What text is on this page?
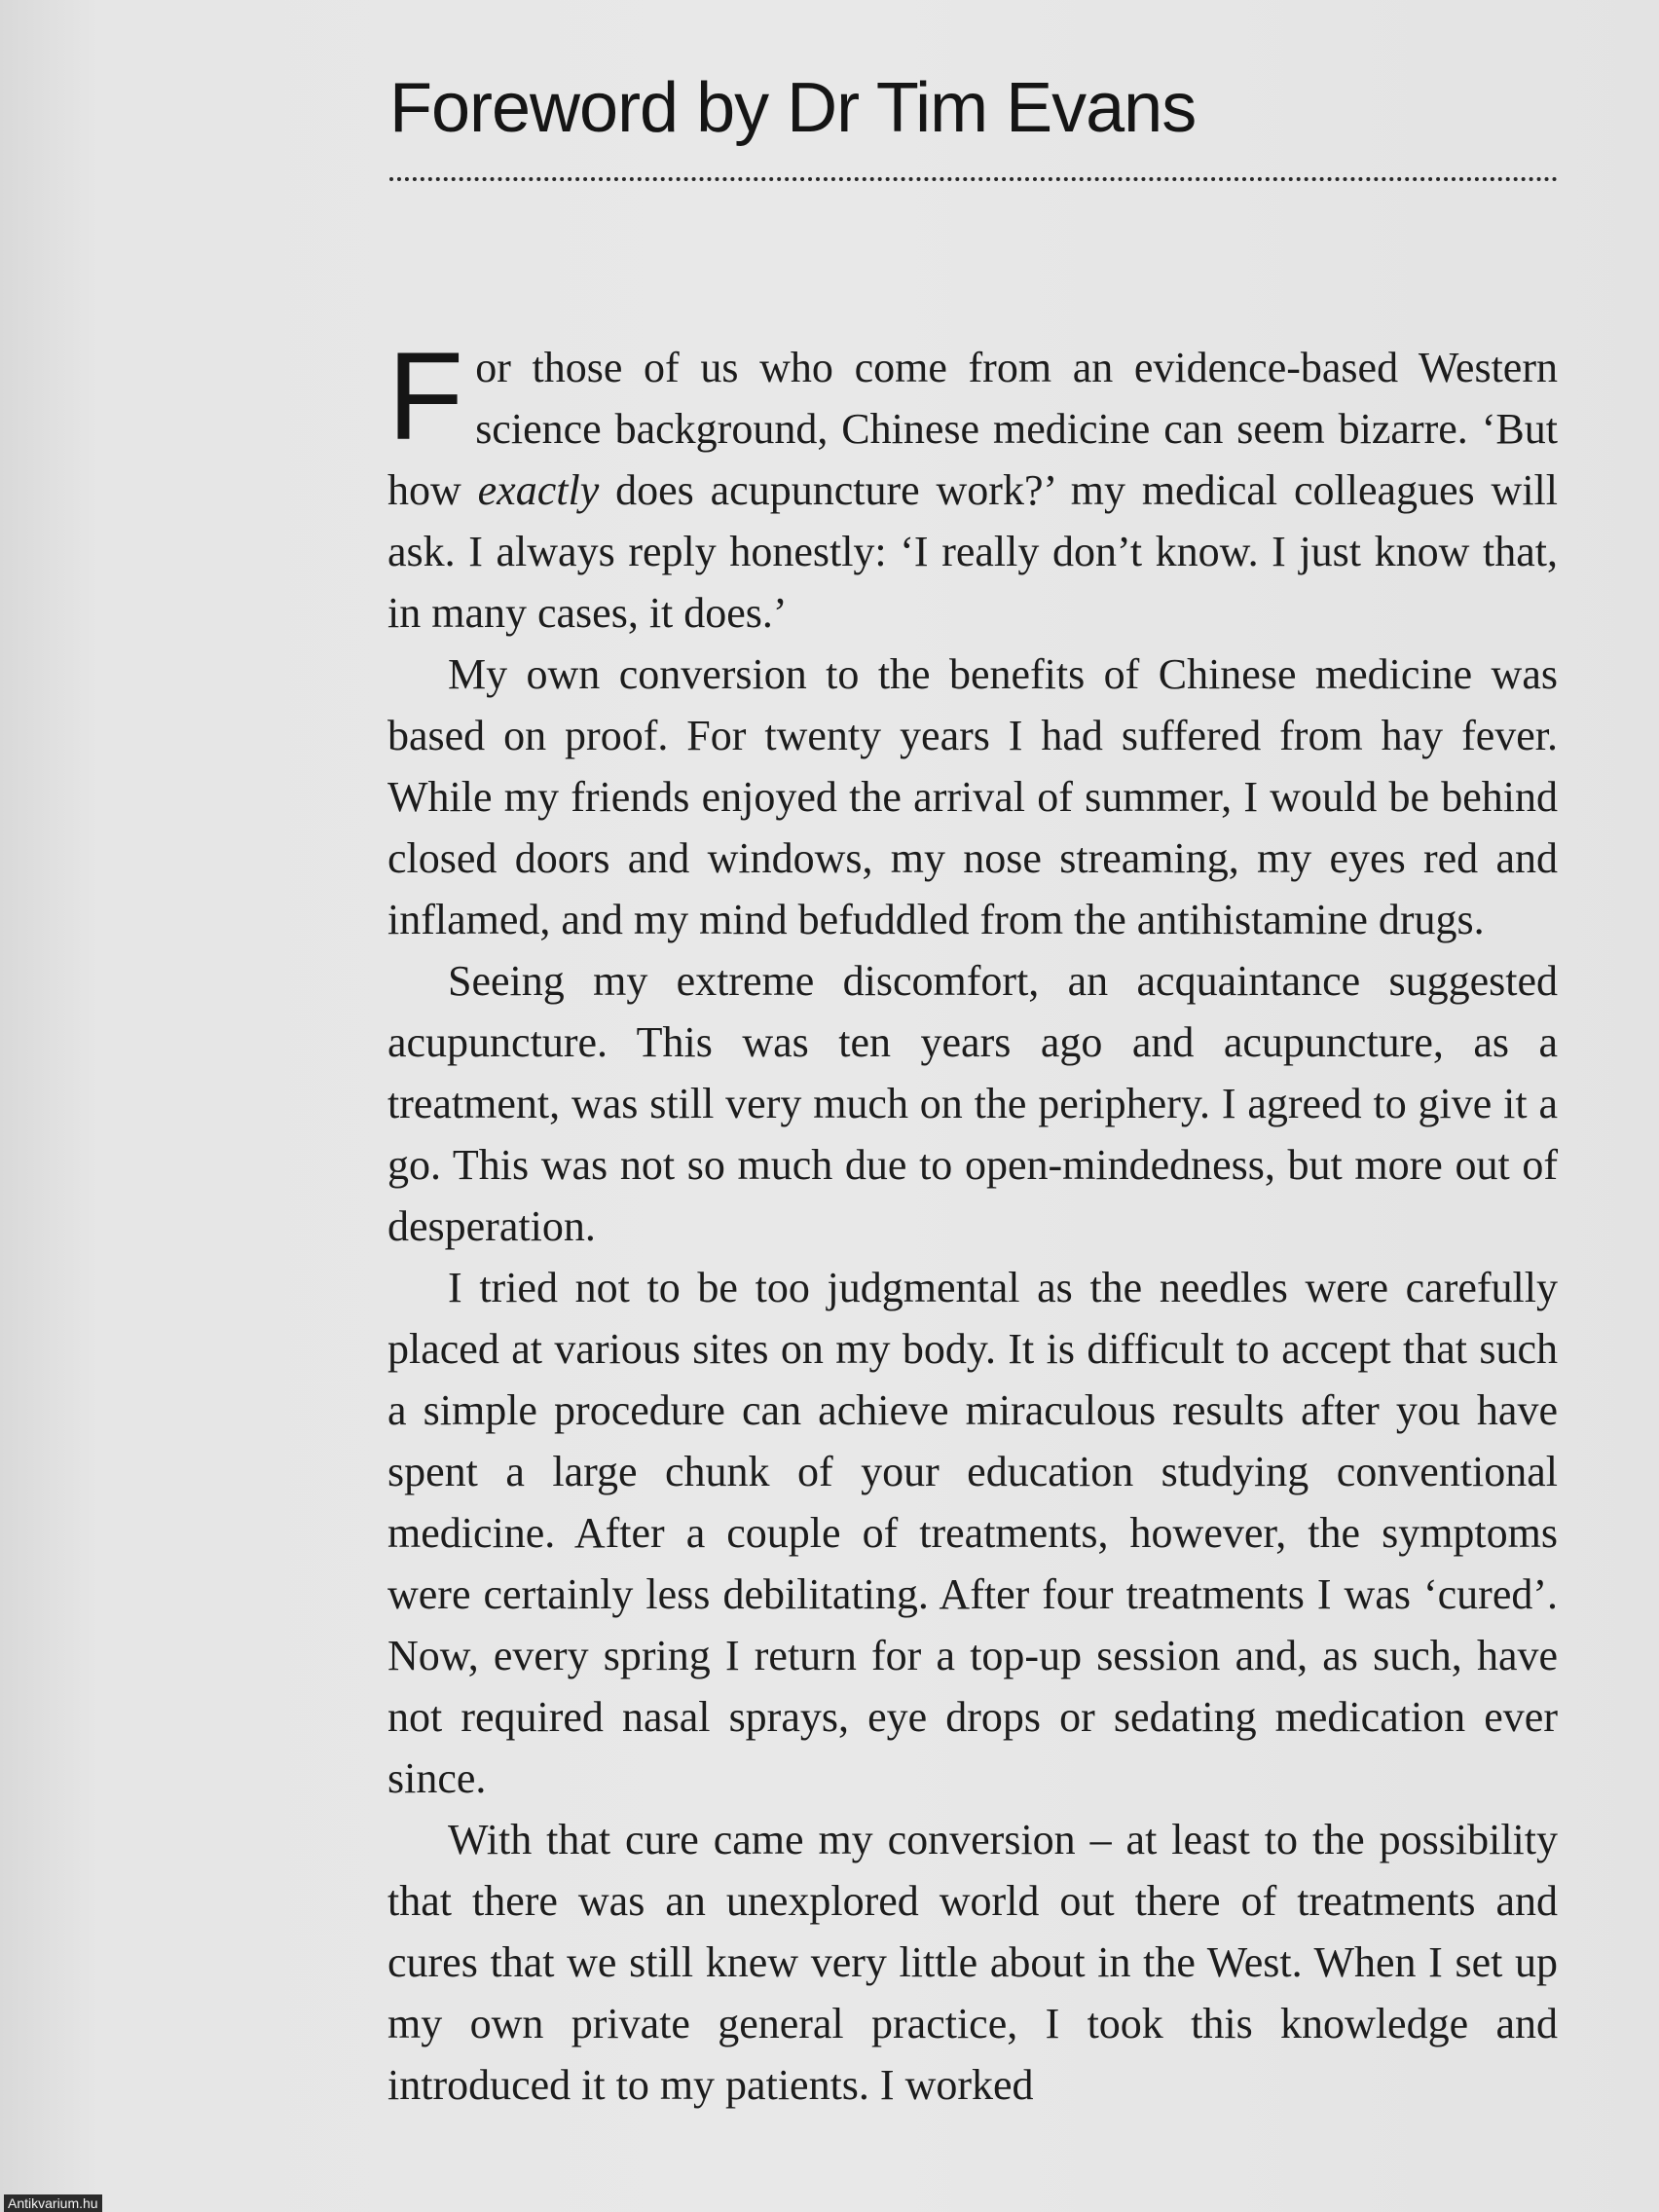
Foreword by Dr Tim Evans

For those of us who come from an evidence-based Western science background, Chinese medicine can seem bizarre. ‘But how exactly does acupuncture work?’ my medical colleagues will ask. I always reply honestly: ‘I really don’t know. I just know that, in many cases, it does.’

My own conversion to the benefits of Chinese medicine was based on proof. For twenty years I had suffered from hay fever. While my friends enjoyed the arrival of summer, I would be behind closed doors and windows, my nose streaming, my eyes red and inflamed, and my mind befuddled from the antihistamine drugs.

Seeing my extreme discomfort, an acquaintance suggested acupuncture. This was ten years ago and acupuncture, as a treatment, was still very much on the periphery. I agreed to give it a go. This was not so much due to open-mindedness, but more out of desperation.

I tried not to be too judgmental as the needles were carefully placed at various sites on my body. It is difficult to accept that such a simple procedure can achieve miraculous results after you have spent a large chunk of your education studying conventional medicine. After a couple of treatments, however, the symptoms were certainly less debilitating. After four treatments I was ‘cured’. Now, every spring I return for a top-up session and, as such, have not required nasal sprays, eye drops or sedating medication ever since.

With that cure came my conversion – at least to the possibility that there was an unexplored world out there of treatments and cures that we still knew very little about in the West. When I set up my own private general practice, I took this knowledge and introduced it to my patients. I worked

Antikvarium.hu
